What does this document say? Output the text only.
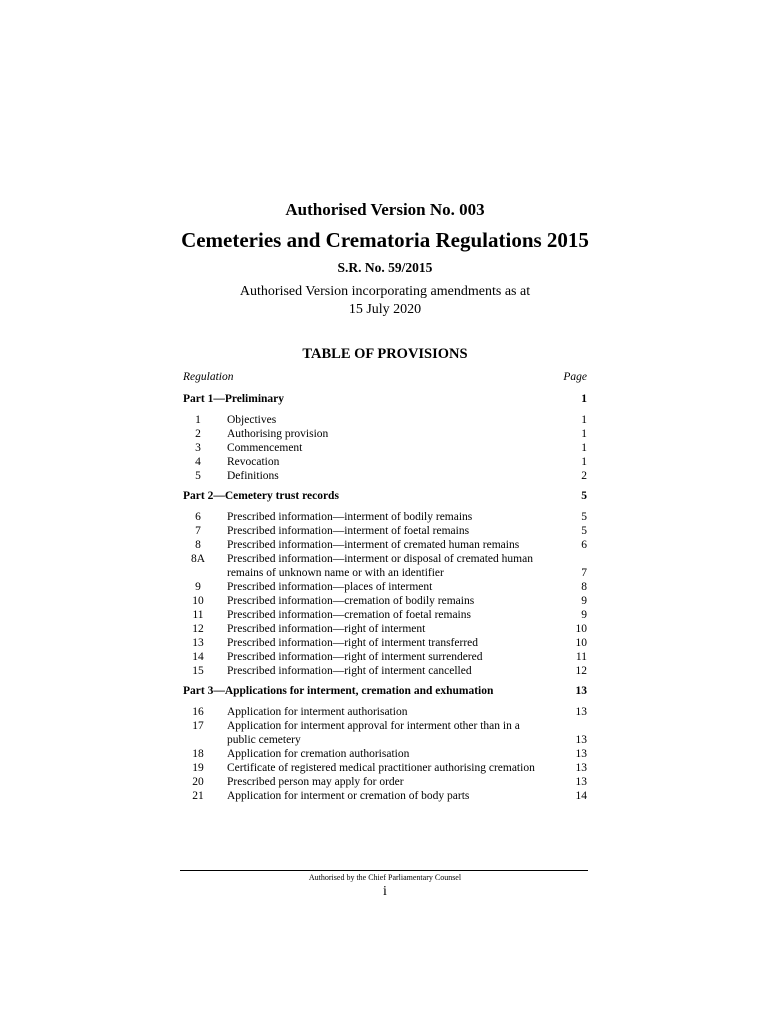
Authorised Version No. 003
Cemeteries and Crematoria Regulations 2015
S.R. No. 59/2015
Authorised Version incorporating amendments as at
15 July 2020
TABLE OF PROVISIONS
Regulation	Page
Part 1—Preliminary	1
1	Objectives	1
2	Authorising provision	1
3	Commencement	1
4	Revocation	1
5	Definitions	2
Part 2—Cemetery trust records	5
6	Prescribed information—interment of bodily remains	5
7	Prescribed information—interment of foetal remains	5
8	Prescribed information—interment of cremated human remains	6
8A	Prescribed information—interment or disposal of cremated human remains of unknown name or with an identifier	7
9	Prescribed information—places of interment	8
10	Prescribed information—cremation of bodily remains	9
11	Prescribed information—cremation of foetal remains	9
12	Prescribed information—right of interment	10
13	Prescribed information—right of interment transferred	10
14	Prescribed information—right of interment surrendered	11
15	Prescribed information—right of interment cancelled	12
Part 3—Applications for interment, cremation and exhumation	13
16	Application for interment authorisation	13
17	Application for interment approval for interment other than in a public cemetery	13
18	Application for cremation authorisation	13
19	Certificate of registered medical practitioner authorising cremation	13
20	Prescribed person may apply for order	13
21	Application for interment or cremation of body parts	14
Authorised by the Chief Parliamentary Counsel
i
